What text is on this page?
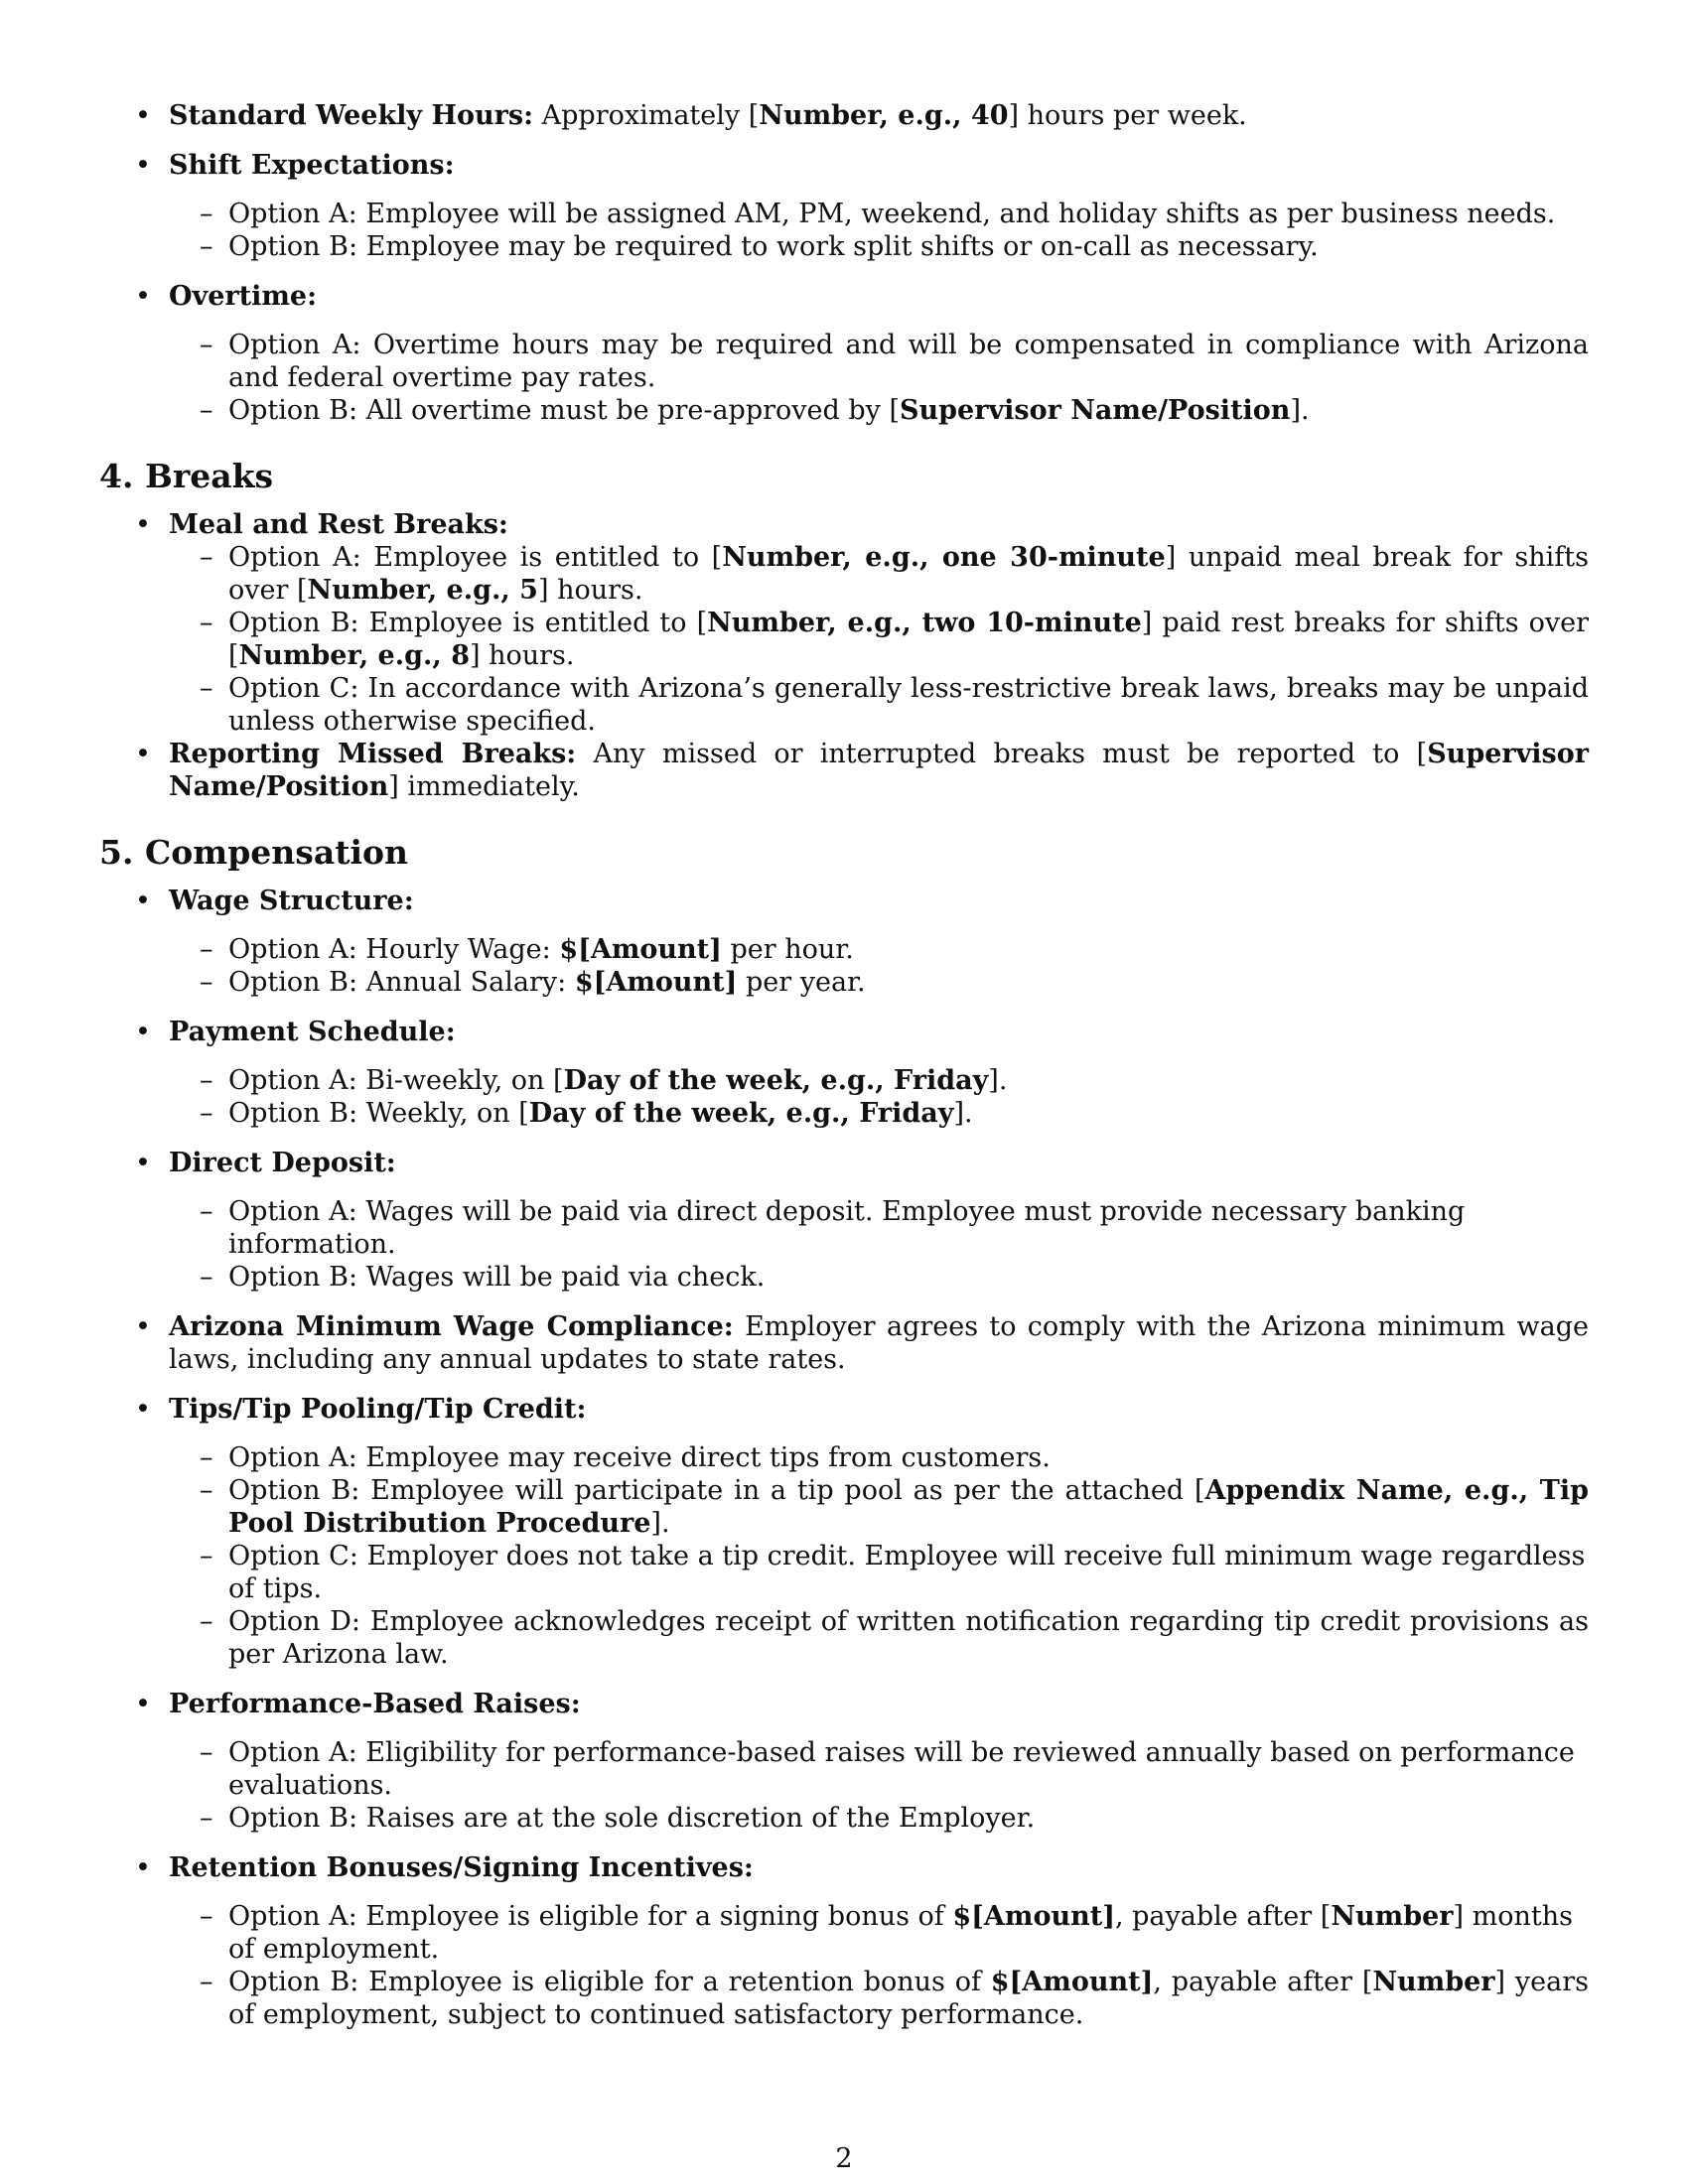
• Standard Weekly Hours: Approximately [Number, e.g., 40] hours per week.
• Shift Expectations:
– Option A: Employee will be assigned AM, PM, weekend, and holiday shifts as per business needs.
– Option B: Employee may be required to work split shifts or on-call as necessary.
• Overtime:
– Option A: Overtime hours may be required and will be compensated in compliance with Arizona and federal overtime pay rates.
– Option B: All overtime must be pre-approved by [Supervisor Name/Position].
4. Breaks
• Meal and Rest Breaks:
– Option A: Employee is entitled to [Number, e.g., one 30-minute] unpaid meal break for shifts over [Number, e.g., 5] hours.
– Option B: Employee is entitled to [Number, e.g., two 10-minute] paid rest breaks for shifts over [Number, e.g., 8] hours.
– Option C: In accordance with Arizona’s generally less-restrictive break laws, breaks may be unpaid unless otherwise specified.
• Reporting Missed Breaks: Any missed or interrupted breaks must be reported to [Supervisor Name/Position] immediately.
5. Compensation
• Wage Structure:
– Option A: Hourly Wage: $[Amount] per hour.
– Option B: Annual Salary: $[Amount] per year.
• Payment Schedule:
– Option A: Bi-weekly, on [Day of the week, e.g., Friday].
– Option B: Weekly, on [Day of the week, e.g., Friday].
• Direct Deposit:
– Option A: Wages will be paid via direct deposit. Employee must provide necessary banking information.
– Option B: Wages will be paid via check.
• Arizona Minimum Wage Compliance: Employer agrees to comply with the Arizona minimum wage laws, including any annual updates to state rates.
• Tips/Tip Pooling/Tip Credit:
– Option A: Employee may receive direct tips from customers.
– Option B: Employee will participate in a tip pool as per the attached [Appendix Name, e.g., Tip Pool Distribution Procedure].
– Option C: Employer does not take a tip credit. Employee will receive full minimum wage regardless of tips.
– Option D: Employee acknowledges receipt of written notification regarding tip credit provisions as per Arizona law.
• Performance-Based Raises:
– Option A: Eligibility for performance-based raises will be reviewed annually based on performance evaluations.
– Option B: Raises are at the sole discretion of the Employer.
• Retention Bonuses/Signing Incentives:
– Option A: Employee is eligible for a signing bonus of $[Amount], payable after [Number] months of employment.
– Option B: Employee is eligible for a retention bonus of $[Amount], payable after [Number] years of employment, subject to continued satisfactory performance.
2
